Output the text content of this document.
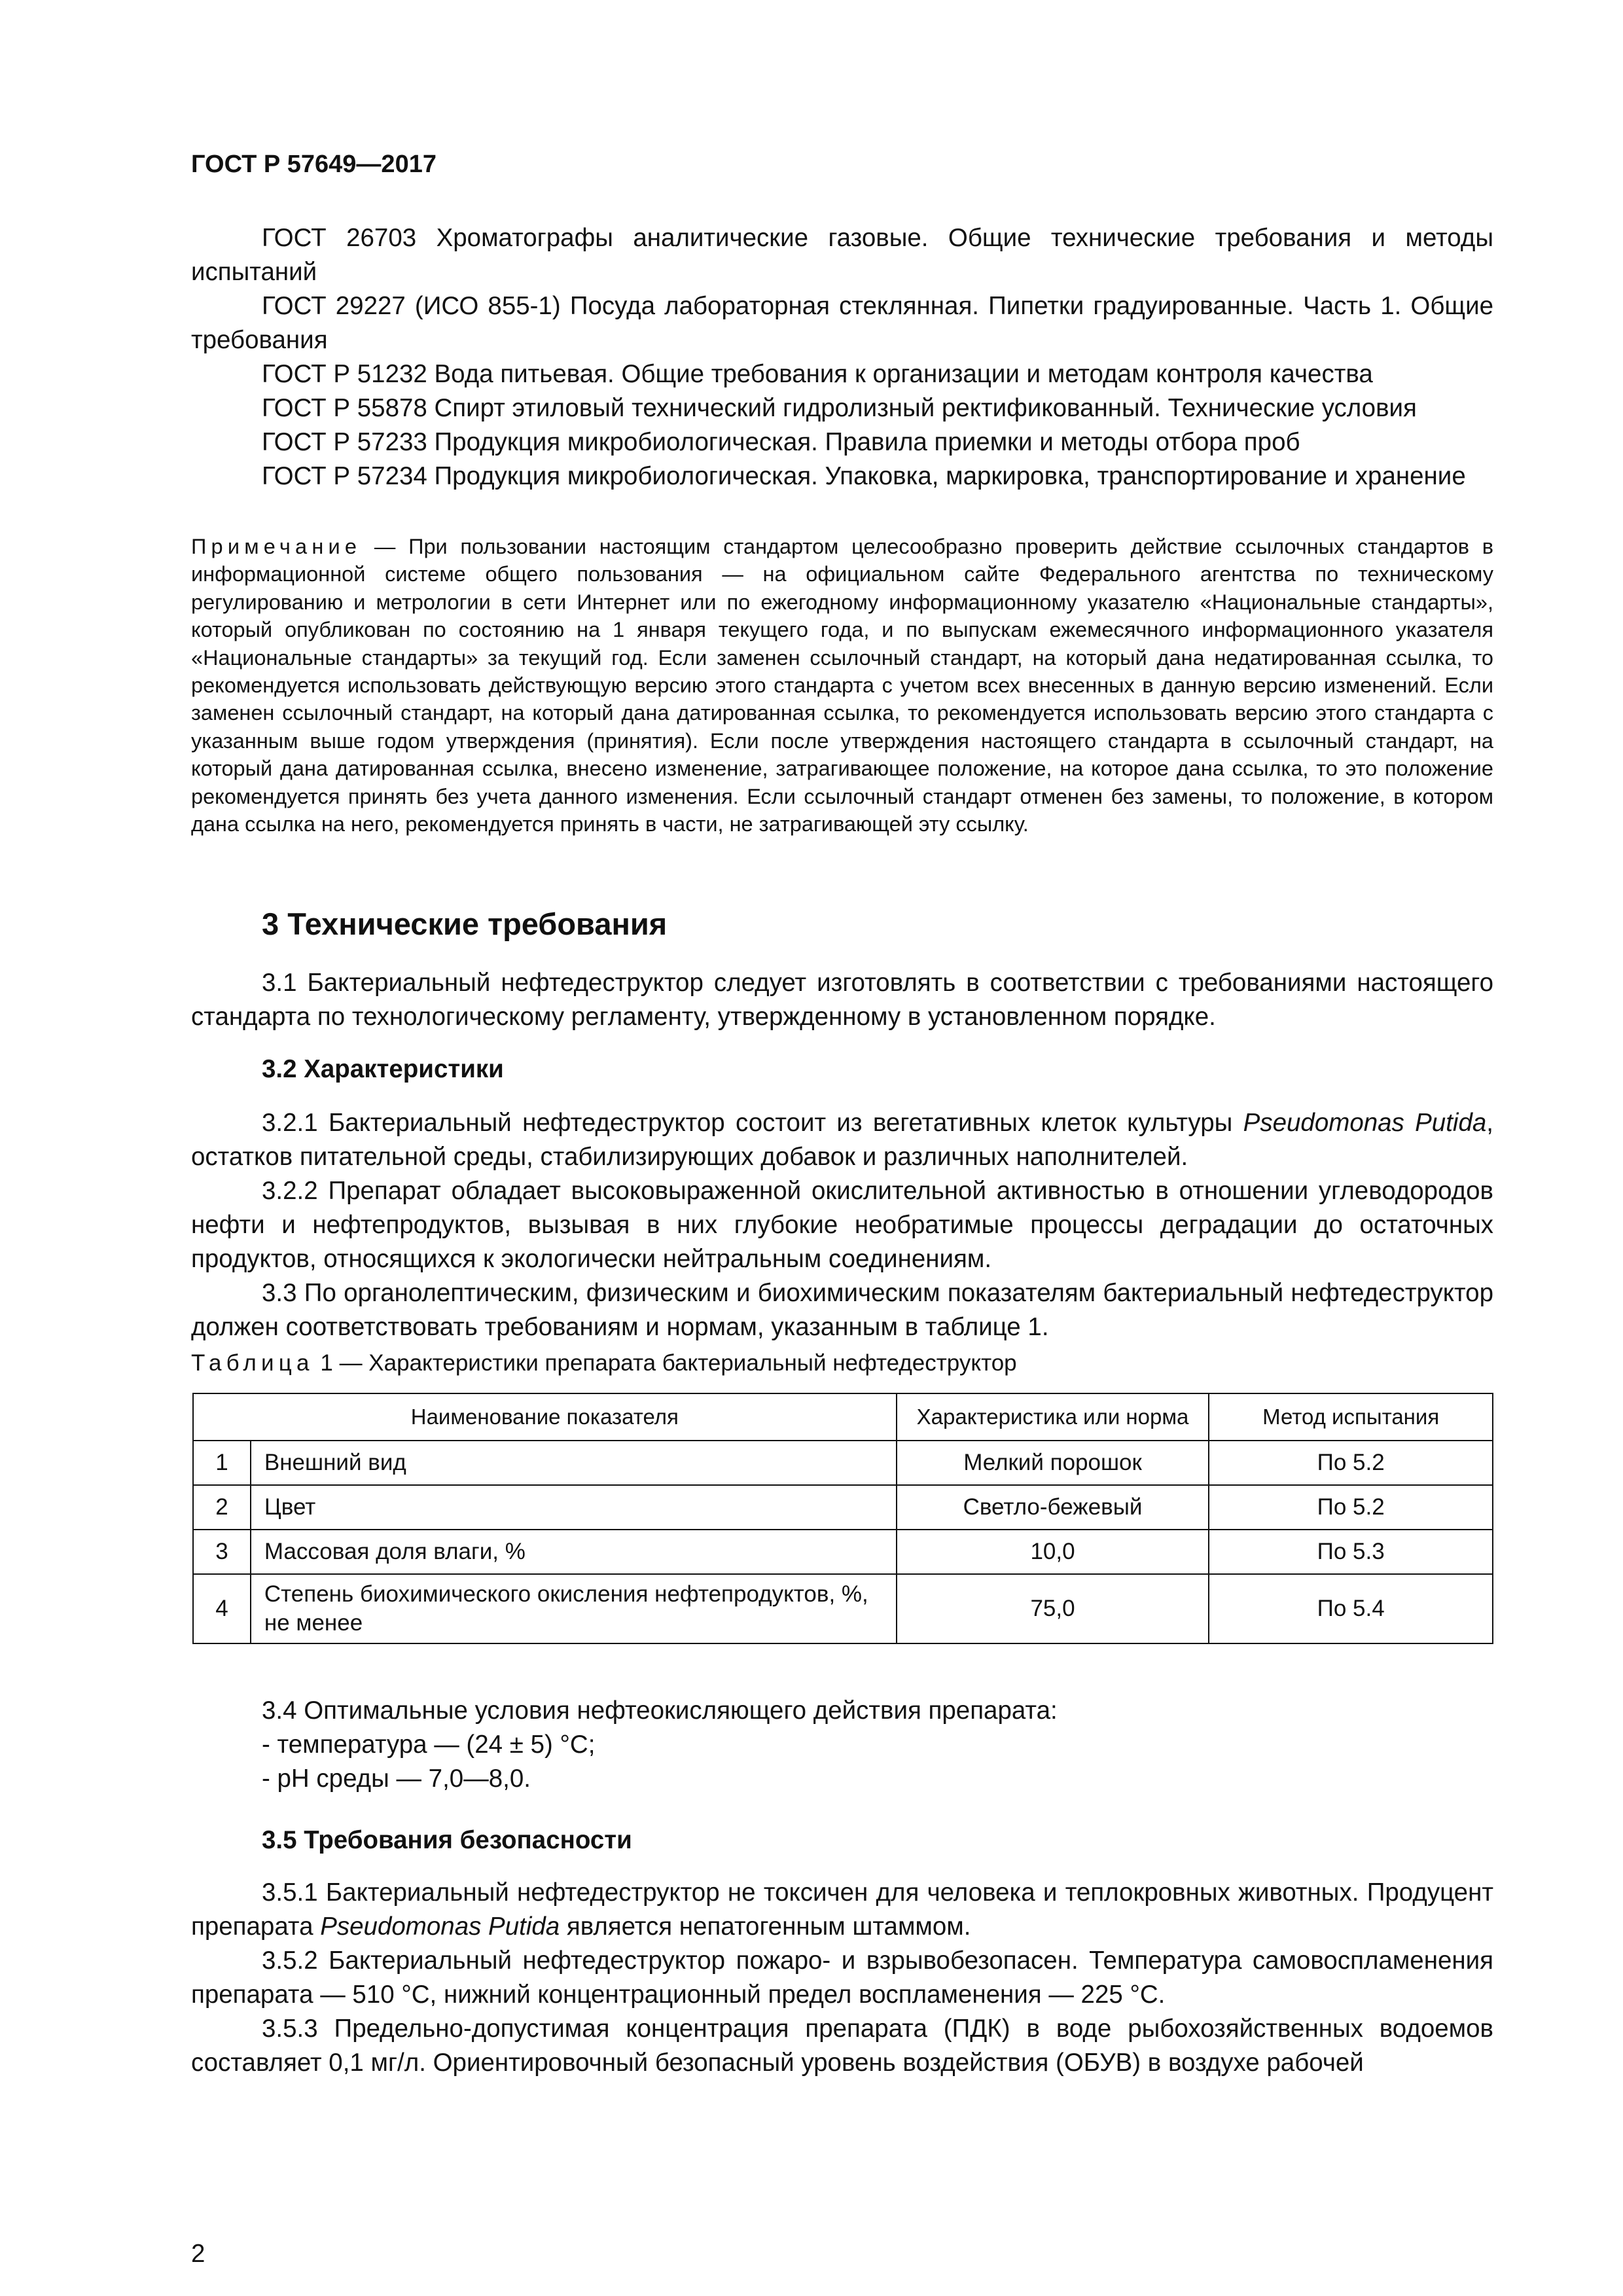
ГОСТ Р 57649—2017

ГОСТ 26703 Хроматографы аналитические газовые. Общие технические требования и методы испытаний

ГОСТ 29227 (ИСО 855-1) Посуда лабораторная стеклянная. Пипетки градуированные. Часть 1. Общие требования

ГОСТ Р 51232 Вода питьевая. Общие требования к организации и методам контроля качества

ГОСТ Р 55878 Спирт этиловый технический гидролизный ректификованный. Технические условия

ГОСТ Р 57233 Продукция микробиологическая. Правила приемки и методы отбора проб

ГОСТ Р 57234 Продукция микробиологическая. Упаковка, маркировка, транспортирование и хранение

Примечание — При пользовании настоящим стандартом целесообразно проверить действие ссылочных стандартов в информационной системе общего пользования — на официальном сайте Федерального агентства по техническому регулированию и метрологии в сети Интернет или по ежегодному информационному указателю «Национальные стандарты», который опубликован по состоянию на 1 января текущего года, и по выпускам ежемесячного информационного указателя «Национальные стандарты» за текущий год. Если заменен ссылочный стандарт, на который дана недатированная ссылка, то рекомендуется использовать действующую версию этого стандарта с учетом всех внесенных в данную версию изменений. Если заменен ссылочный стандарт, на который дана датированная ссылка, то рекомендуется использовать версию этого стандарта с указанным выше годом утверждения (принятия). Если после утверждения настоящего стандарта в ссылочный стандарт, на который дана датированная ссылка, внесено изменение, затрагивающее положение, на которое дана ссылка, то это положение рекомендуется принять без учета данного изменения. Если ссылочный стандарт отменен без замены, то положение, в котором дана ссылка на него, рекомендуется принять в части, не затрагивающей эту ссылку.

3 Технические требования

3.1 Бактериальный нефтедеструктор следует изготовлять в соответствии с требованиями настоящего стандарта по технологическому регламенту, утвержденному в установленном порядке.

3.2 Характеристики

3.2.1 Бактериальный нефтедеструктор состоит из вегетативных клеток культуры Pseudomonas Putida, остатков питательной среды, стабилизирующих добавок и различных наполнителей.

3.2.2 Препарат обладает высоковыраженной окислительной активностью в отношении углеводородов нефти и нефтепродуктов, вызывая в них глубокие необратимые процессы деградации до остаточных продуктов, относящихся к экологически нейтральным соединениям.

3.3 По органолептическим, физическим и биохимическим показателям бактериальный нефтедеструктор должен соответствовать требованиям и нормам, указанным в таблице 1.

Таблица 1 — Характеристики препарата бактериальный нефтедеструктор
Наименование показателя		Характеристика или норма	Метод испытания
1	Внешний вид	Мелкий порошок	По 5.2
2	Цвет	Светло-бежевый	По 5.2
3	Массовая доля влаги, %	10,0	По 5.3
4	Степень биохимического окисления нефтепродуктов, %, не менее	75,0	По 5.4

3.4 Оптимальные условия нефтеокисляющего действия препарата:

- температура — (24 ± 5) °С;

- рН среды — 7,0—8,0.

3.5 Требования безопасности

3.5.1 Бактериальный нефтедеструктор не токсичен для человека и теплокровных животных. Продуцент препарата Pseudomonas Putida является непатогенным штаммом.

3.5.2 Бактериальный нефтедеструктор пожаро- и взрывобезопасен. Температура самовоспламенения препарата — 510 °С, нижний концентрационный предел воспламенения — 225 °С.

3.5.3 Предельно-допустимая концентрация препарата (ПДК) в воде рыбохозяйственных водоемов составляет 0,1 мг/л. Ориентировочный безопасный уровень воздействия (ОБУВ) в воздухе рабочей

2
